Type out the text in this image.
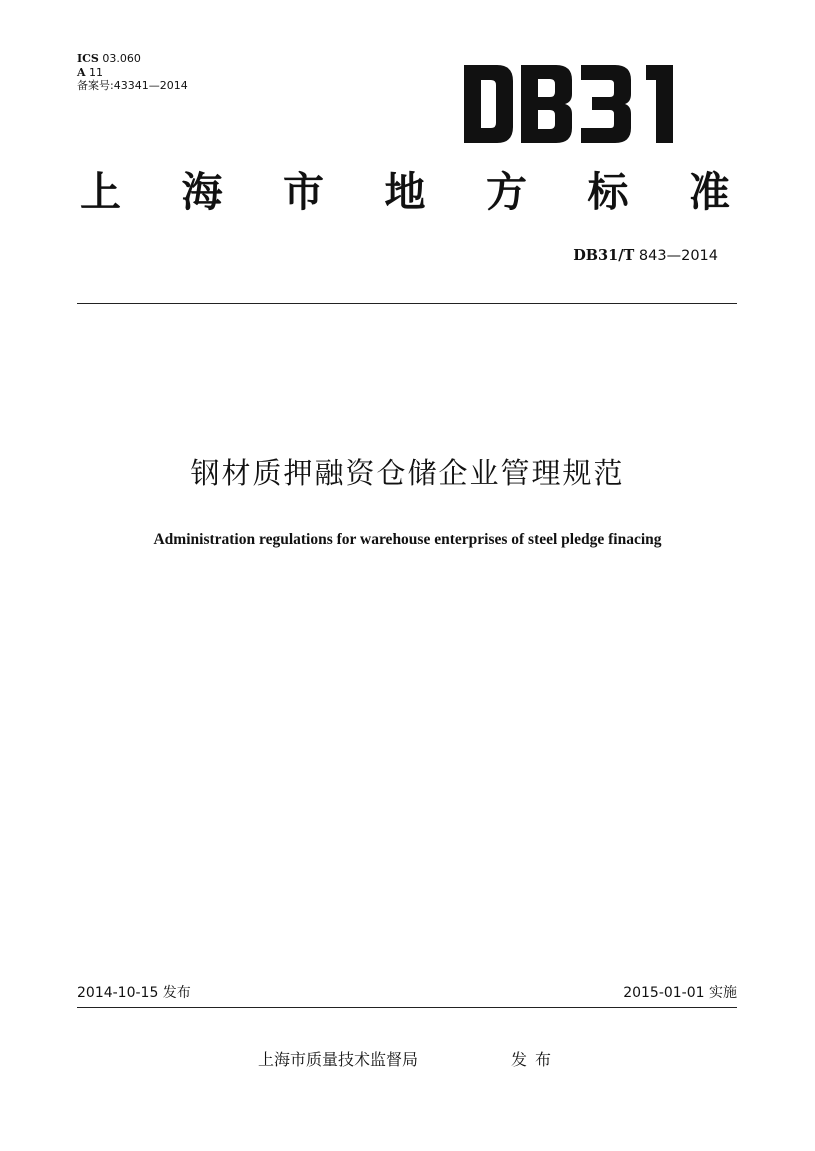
ICS 03.060
A 11
备案号:43341—2014
上 海 市 地 方 标 准
DB31/T 843—2014
钢材质押融资仓储企业管理规范
Administration regulations for warehouse enterprises of steel pledge finacing
2014-10-15 发布	2015-01-01 实施
上海市质量技术监督局	发布
